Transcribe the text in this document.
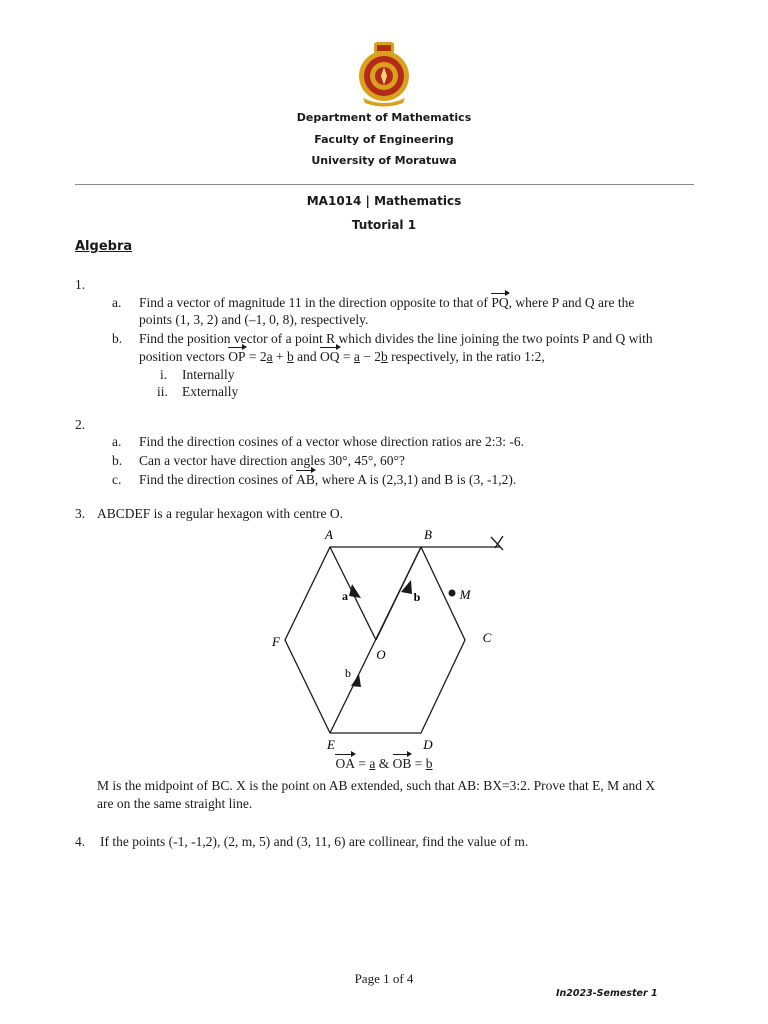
Department of Mathematics
Faculty of Engineering
University of Moratuwa
MA1014 | Mathematics
Tutorial 1
Algebra
1.
a. Find a vector of magnitude 11 in the direction opposite to that of PQ, where P and Q are the
points (1, 3, 2) and (–1, 0, 8), respectively.
b. Find the position vector of a point R which divides the line joining the two points P and Q with
position vectors OP = 2a + b and OQ = a − 2b respectively, in the ratio 1:2,
i. Internally
ii. Externally
2.
a. Find the direction cosines of a vector whose direction ratios are 2:3: -6.
b. Can a vector have direction angles 30°, 45°, 60°?
c. Find the direction cosines of AB, where A is (2,3,1) and B is (3, -1,2).
3. ABCDEF is a regular hexagon with centre O.
A	B
C
D
E
F
O
M
a	b
b
OA = a & OB = b
M is the midpoint of BC. X is the point on AB extended, such that AB: BX=3:2. Prove that E, M and X
are on the same straight line.
4. If the points (-1, -1,2), (2, m, 5) and (3, 11, 6) are collinear, find the value of m.
Page 1 of 4
In2023-Semester 1
